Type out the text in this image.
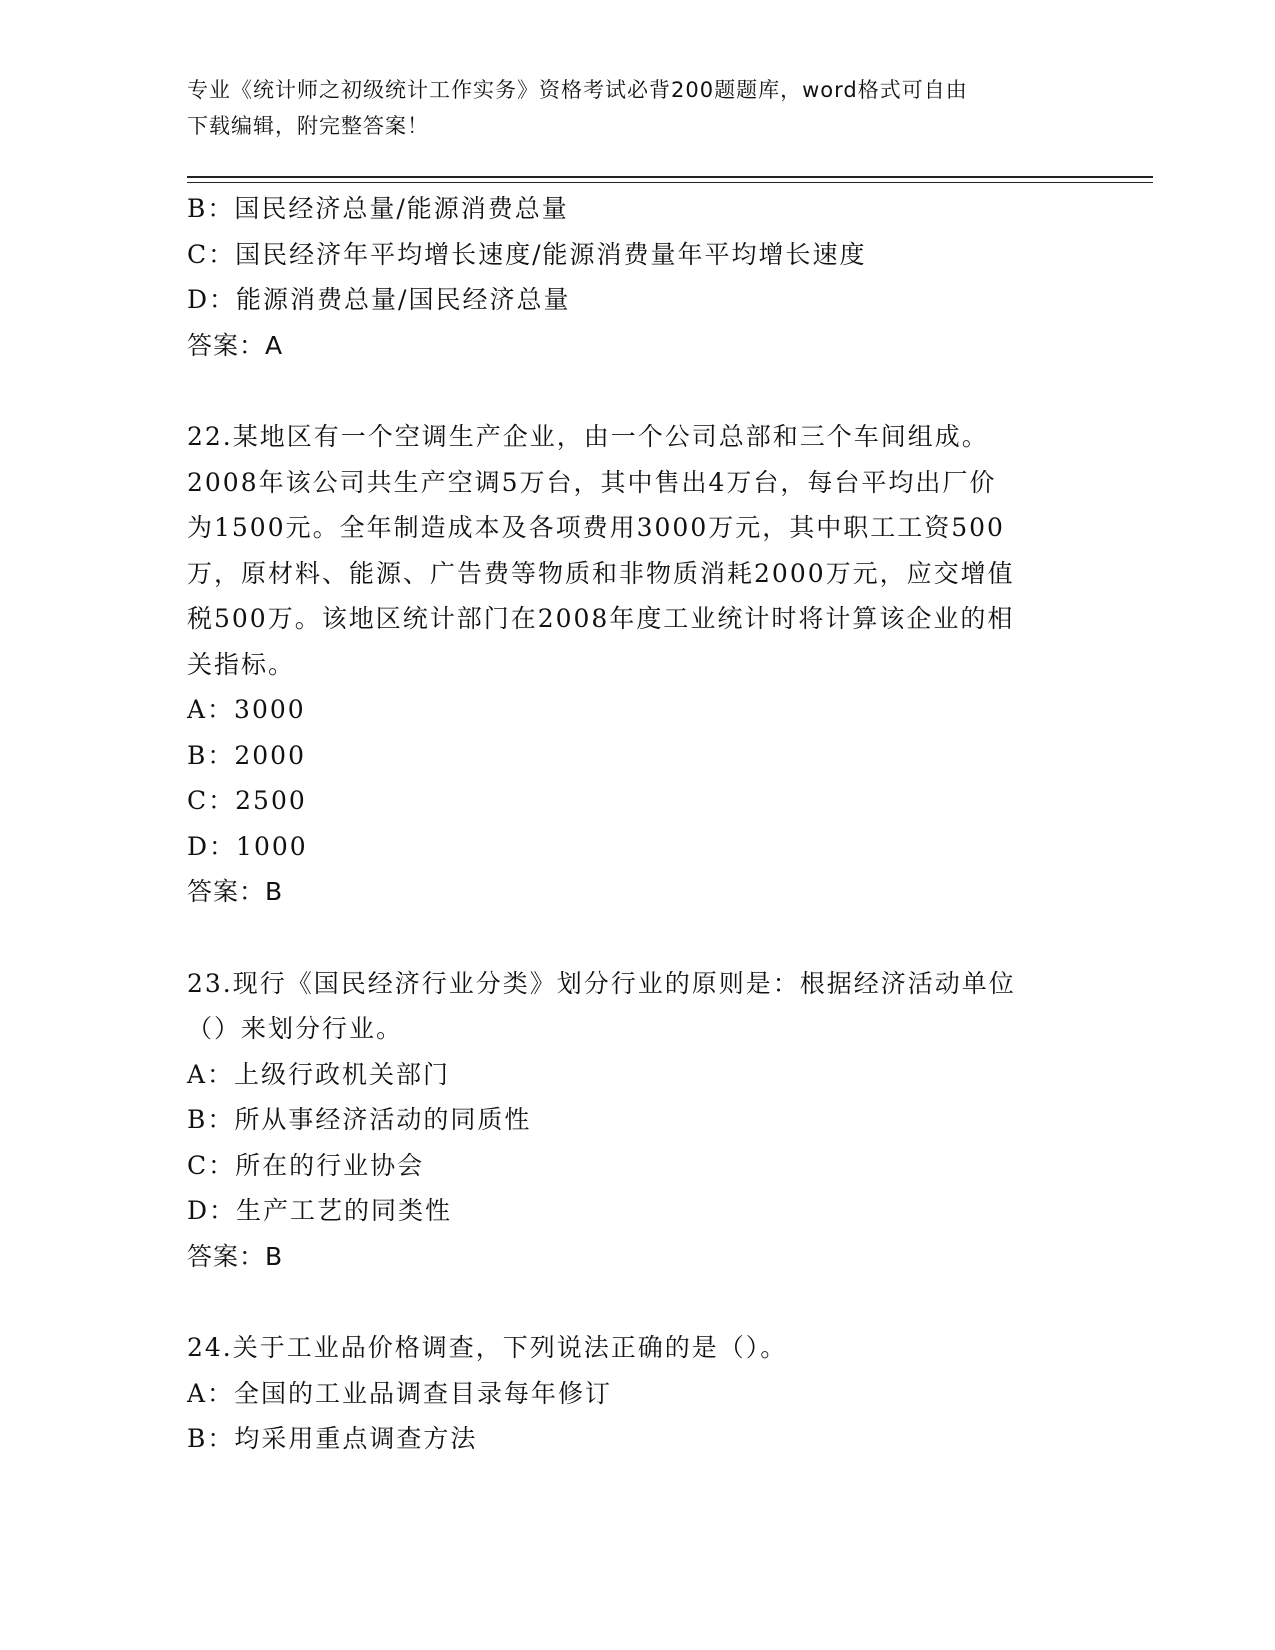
专业《统计师之初级统计工作实务》资格考试必背200题题库，word格式可自由
下载编辑，附完整答案！
B：国民经济总量/能源消费总量
C：国民经济年平均增长速度/能源消费量年平均增长速度
D：能源消费总量/国民经济总量
答案：A
22.某地区有一个空调生产企业，由一个公司总部和三个车间组成。
2008年该公司共生产空调5万台，其中售出4万台，每台平均出厂价
为1500元。全年制造成本及各项费用3000万元，其中职工工资500
万，原材料、能源、广告费等物质和非物质消耗2000万元，应交增值
税500万。该地区统计部门在2008年度工业统计时将计算该企业的相
关指标。
A：3000
B：2000
C：2500
D：1000
答案：B
23.现行《国民经济行业分类》划分行业的原则是：根据经济活动单位
（）来划分行业。
A：上级行政机关部门
B：所从事经济活动的同质性
C：所在的行业协会
D：生产工艺的同类性
答案：B
24.关于工业品价格调查，下列说法正确的是（）。
A：全国的工业品调查目录每年修订
B：均采用重点调查方法
